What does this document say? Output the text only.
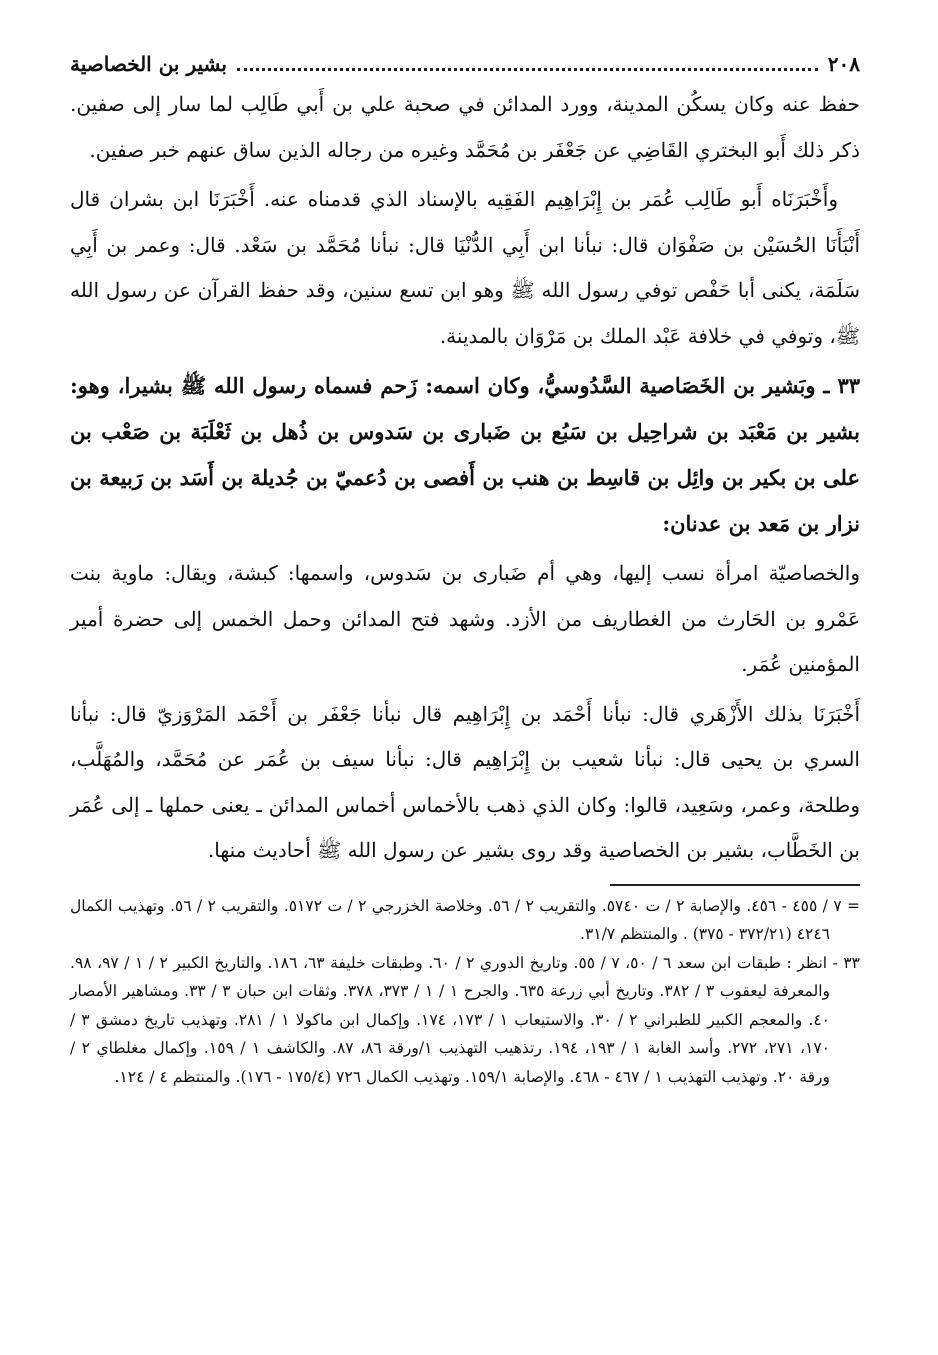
٢٠٨
بشير بن الخصاصية

حفظ عنه وكان يسكُن المدينة، وورد المدائن في صحبة علي بن أَبي طَالِب لما سار إلى صفين. ذكر ذلك أَبو البختري القَاضِي عن جَعْفَر بن مُحَمَّد وغيره من رجاله الذين ساق عنهم خبر صفين.

وأَخْبَرَنَاه أَبو طَالِب عُمَر بن إِبْرَاهِيم الفَقِيه بالإسناد الذي قدمناه عنه. أَخْبَرَنَا ابن بشران قال أَنْبَأَنَا الحُسَيْن بن صَفْوَان قال: نبأنا ابن أَبِي الدُّنْيَا قال: نبأنا مُحَمَّد بن سَعْد. قال: وعمر بن أَبِي سَلَمَة، يكنى أبا حَفْص توفي رسول الله ﷺ وهو ابن تسع سنين، وقد حفظ القرآن عن رسول الله ﷺ، وتوفي في خلافة عَبْد الملك بن مَرْوَان بالمدينة.

٣٣ ـ وبَشير بن الخَصَاصية السَّدُوسيُّ، وكان اسمه: زَحم فسماه رسول الله ﷺ بشيرا، وهو: بشير بن مَعْبَد بن شراحِيل بن سَبُع بن ضَبارى بن سَدوس بن ذُهل بن ثَعْلَبَة بن صَعْب بن على بن بكير بن وائِل بن قاسِط بن هنب بن أَفصى بن دُعميّ بن جُديلة بن أَسَد بن رَبيعة بن نزار بن مَعد بن عدنان:

والخصاصيّة امرأة نسب إليها، وهي أم ضَبارى بن سَدوس، واسمها: كبشة، ويقال: ماوية بنت عَمْرو بن الحَارث من الغطاريف من الأزد. وشهد فتح المدائن وحمل الخمس إلى حضرة أمير المؤمنين عُمَر.

أَخْبَرَنَا بذلك الأَزْهَري قال: نبأنا أَحْمَد بن إِبْرَاهِيم قال نبأنا جَعْفَر بن أَحْمَد المَرْوَزيّ قال: نبأنا السري بن يحيى قال: نبأنا شعيب بن إِبْرَاهِيم قال: نبأنا سيف بن عُمَر عن مُحَمَّد، والمُهَلَّب، وطلحة، وعمر، وسَعِيد، قالوا: وكان الذي ذهب بالأخماس أخماس المدائن ـ يعنى حملها ـ إلى عُمَر بن الخَطَّاب، بشير بن الخصاصية وقد روى بشير عن رسول الله ﷺ أحاديث منها.

= ٧ / ٤٥٥ - ٤٥٦. والإصابة ٢ / ت ٥٧٤٠. والتقريب ٢ / ٥٦. وخلاصة الخزرجي ٢ / ت ٥١٧٢. والتقريب ٢ / ٥٦. وتهذيب الكمال ٤٢٤٦ (٣٧٢/٢١ - ٣٧٥) . والمنتظم ٣١/٧.

٣٣ - انظر : طبقات ابن سعد ٦ / ٥٠، ٧ / ٥٥. وتاريخ الدوري ٢ / ٦٠. وطبقات خليفة ٦٣، ١٨٦. والتاريخ الكبير ٢ / ١ / ٩٧، ٩٨. والمعرفة ليعقوب ٣ / ٣٨٢. وتاريخ أبي زرعة ٦٣٥. والجرح ١ / ١ / ٣٧٣، ٣٧٨. وثقات ابن حبان ٣ / ٣٣. ومشاهير الأمصار ٤٠. والمعجم الكبير للطبراني ٢ / ٣٠. والاستيعاب ١ / ١٧٣، ١٧٤. وإكمال ابن ماكولا ١ / ٢٨١. وتهذيب تاريخ دمشق ٣ / ١٧٠، ٢٧١، ٢٧٢. وأسد الغابة ١ / ١٩٣، ١٩٤. رتذهيب التهذيب ١/ورقة ٨٦، ٨٧. والكاشف ١ / ١٥٩. وإكمال مغلطاي ٢ / ورقة ٢٠. وتهذيب التهذيب ١ / ٤٦٧ - ٤٦٨. والإصابة ١٥٩/١. وتهذيب الكمال ٧٢٦ (١٧٥/٤ - ١٧٦). والمنتظم ٤ / ١٢٤.
